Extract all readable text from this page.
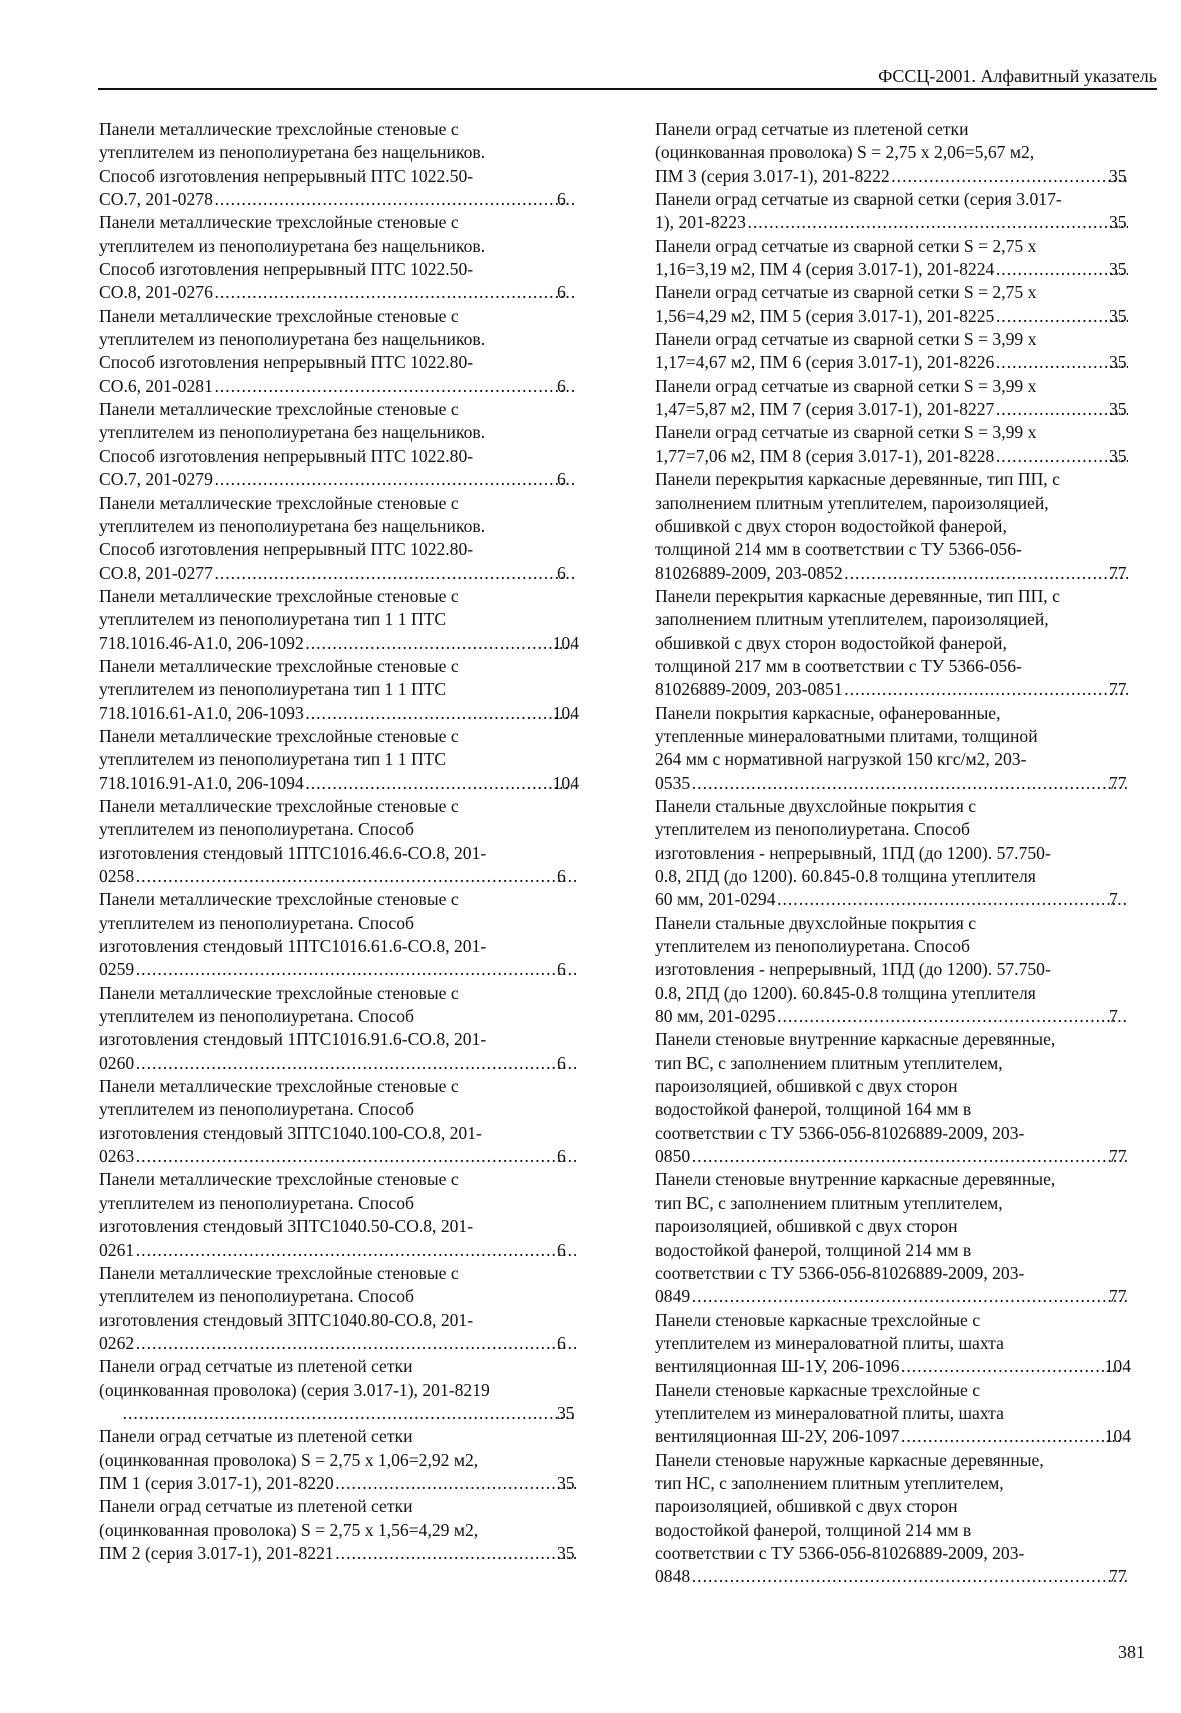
ФССЦ-2001. Алфавитный указатель
Панели металлические трехслойные стеновые с
утеплителем из пенополиуретана без нащельников.
Способ изготовления непрерывный ПТС 1022.50-
СО.7, 201-0278 .....	6
Панели металлические трехслойные стеновые с
утеплителем из пенополиуретана без нащельников.
Способ изготовления непрерывный ПТС 1022.50-
СО.8, 201-0276 .....	6
Панели металлические трехслойные стеновые с
утеплителем из пенополиуретана без нащельников.
Способ изготовления непрерывный ПТС 1022.80-
СО.6, 201-0281 .....	6
Панели металлические трехслойные стеновые с
утеплителем из пенополиуретана без нащельников.
Способ изготовления непрерывный ПТС 1022.80-
СО.7, 201-0279 .....	6
Панели металлические трехслойные стеновые с
утеплителем из пенополиуретана без нащельников.
Способ изготовления непрерывный ПТС 1022.80-
СО.8, 201-0277 .....	6
Панели металлические трехслойные стеновые с
утеплителем из пенополиуретана тип 1 1 ПТС
718.1016.46-А1.0, 206-1092 .....	104
Панели металлические трехслойные стеновые с
утеплителем из пенополиуретана тип 1 1 ПТС
718.1016.61-А1.0, 206-1093 .....	104
Панели металлические трехслойные стеновые с
утеплителем из пенополиуретана тип 1 1 ПТС
718.1016.91-А1.0, 206-1094 .....	104
Панели металлические трехслойные стеновые с
утеплителем из пенополиуретана. Способ
изготовления стендовый 1ПТС1016.46.6-СО.8, 201-
0258 .....	6
Панели металлические трехслойные стеновые с
утеплителем из пенополиуретана. Способ
изготовления стендовый 1ПТС1016.61.6-СО.8, 201-
0259 .....	6
Панели металлические трехслойные стеновые с
утеплителем из пенополиуретана. Способ
изготовления стендовый 1ПТС1016.91.6-СО.8, 201-
0260 .....	6
Панели металлические трехслойные стеновые с
утеплителем из пенополиуретана. Способ
изготовления стендовый 3ПТС1040.100-СО.8, 201-
0263 .....	6
Панели металлические трехслойные стеновые с
утеплителем из пенополиуретана. Способ
изготовления стендовый 3ПТС1040.50-СО.8, 201-
0261 .....	6
Панели металлические трехслойные стеновые с
утеплителем из пенополиуретана. Способ
изготовления стендовый 3ПТС1040.80-СО.8, 201-
0262 .....	6
Панели оград сетчатые из плетеной сетки
(оцинкованная проволока) (серия 3.017-1), 201-8219
.....
35
Панели оград сетчатые из плетеной сетки
(оцинкованная проволока) S = 2,75 х 1,06=2,92 м2,
ПМ 1 (серия 3.017-1), 201-8220 .....	35
Панели оград сетчатые из плетеной сетки
(оцинкованная проволока) S = 2,75 х 1,56=4,29 м2,
ПМ 2 (серия 3.017-1), 201-8221 .....	35
Панели оград сетчатые из плетеной сетки
(оцинкованная проволока) S = 2,75 х 2,06=5,67 м2,
ПМ 3 (серия 3.017-1), 201-8222 .....	35
Панели оград сетчатые из сварной сетки (серия 3.017-
1), 201-8223 .....	35
Панели оград сетчатые из сварной сетки S = 2,75 х
1,16=3,19 м2, ПМ 4 (серия 3.017-1), 201-8224 .....	35
Панели оград сетчатые из сварной сетки S = 2,75 х
1,56=4,29 м2, ПМ 5 (серия 3.017-1), 201-8225 .....	35
Панели оград сетчатые из сварной сетки S = 3,99 х
1,17=4,67 м2, ПМ 6 (серия 3.017-1), 201-8226 .....	35
Панели оград сетчатые из сварной сетки S = 3,99 х
1,47=5,87 м2, ПМ 7 (серия 3.017-1), 201-8227 .....	35
Панели оград сетчатые из сварной сетки S = 3,99 х
1,77=7,06 м2, ПМ 8 (серия 3.017-1), 201-8228 .....	35
Панели перекрытия каркасные деревянные, тип ПП, с
заполнением плитным утеплителем, пароизоляцией,
обшивкой с двух сторон водостойкой фанерой,
толщиной 214 мм в соответствии с ТУ 5366-056-
81026889-2009, 203-0852 .....	77
Панели перекрытия каркасные деревянные, тип ПП, с
заполнением плитным утеплителем, пароизоляцией,
обшивкой с двух сторон водостойкой фанерой,
толщиной 217 мм в соответствии с ТУ 5366-056-
81026889-2009, 203-0851 .....	77
Панели покрытия каркасные, офанерованные,
утепленные минераловатными плитами, толщиной
264 мм с нормативной нагрузкой 150 кгс/м2, 203-
0535 .....	77
Панели стальные двухслойные покрытия с
утеплителем из пенополиуретана. Способ
изготовления - непрерывный, 1ПД (до 1200). 57.750-
0.8, 2ПД (до 1200). 60.845-0.8 толщина утеплителя
60 мм, 201-0294 .....	7
Панели стальные двухслойные покрытия с
утеплителем из пенополиуретана. Способ
изготовления - непрерывный, 1ПД (до 1200). 57.750-
0.8, 2ПД (до 1200). 60.845-0.8 толщина утеплителя
80 мм, 201-0295 .....	7
Панели стеновые внутренние каркасные деревянные,
тип ВС, с заполнением плитным утеплителем,
пароизоляцией, обшивкой с двух сторон
водостойкой фанерой, толщиной 164 мм в
соответствии с ТУ 5366-056-81026889-2009, 203-
0850 .....	77
Панели стеновые внутренние каркасные деревянные,
тип ВС, с заполнением плитным утеплителем,
пароизоляцией, обшивкой с двух сторон
водостойкой фанерой, толщиной 214 мм в
соответствии с ТУ 5366-056-81026889-2009, 203-
0849 .....	77
Панели стеновые каркасные трехслойные с
утеплителем из минераловатной плиты, шахта
вентиляционная Ш-1У, 206-1096 .....	104
Панели стеновые каркасные трехслойные с
утеплителем из минераловатной плиты, шахта
вентиляционная Ш-2У, 206-1097 .....	104
Панели стеновые наружные каркасные деревянные,
тип НС, с заполнением плитным утеплителем,
пароизоляцией, обшивкой с двух сторон
водостойкой фанерой, толщиной 214 мм в
соответствии с ТУ 5366-056-81026889-2009, 203-
0848 .....	77
381
